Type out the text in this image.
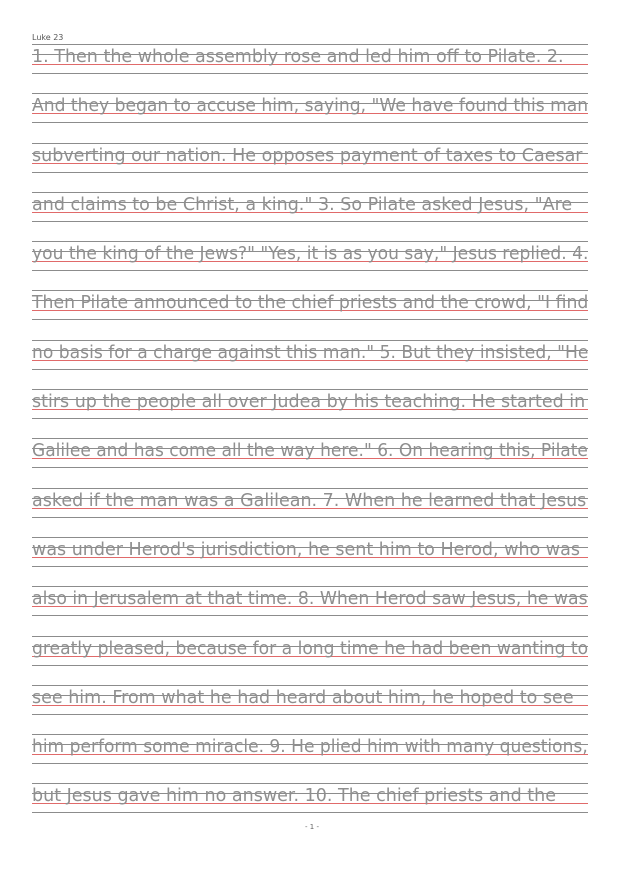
Luke 23
1. Then the whole assembly rose and led him off to Pilate. 2.
And they began to accuse him, saying, "We have found this man
subverting our nation. He opposes payment of taxes to Caesar
and claims to be Christ, a king." 3. So Pilate asked Jesus, "Are
you the king of the Jews?" "Yes, it is as you say," Jesus replied. 4.
Then Pilate announced to the chief priests and the crowd, "I find
no basis for a charge against this man." 5. But they insisted, "He
stirs up the people all over Judea by his teaching. He started in
Galilee and has come all the way here." 6. On hearing this, Pilate
asked if the man was a Galilean. 7. When he learned that Jesus
was under Herod's jurisdiction, he sent him to Herod, who was
also in Jerusalem at that time. 8. When Herod saw Jesus, he was
greatly pleased, because for a long time he had been wanting to
see him. From what he had heard about him, he hoped to see
him perform some miracle. 9. He plied him with many questions,
but Jesus gave him no answer. 10. The chief priests and the
- 1 -
